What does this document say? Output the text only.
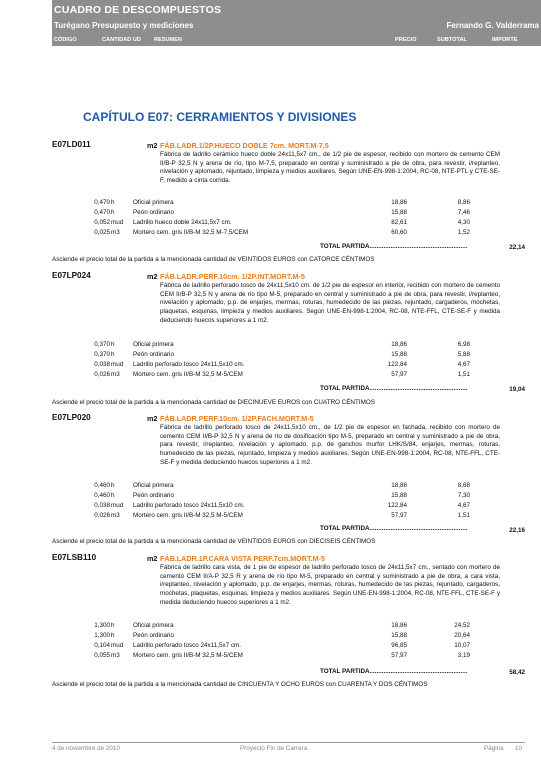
CUADRO DE DESCOMPUESTOS
Turégano Presupuesto y mediciones	Fernando G. Valderrama
CÓDIGO	CANTIDAD UD RESUMEN	PRECIO	SUBTOTAL	IMPORTE
CAPÍTULO E07: CERRAMIENTOS Y DIVISIONES
E07LD011	m2 FÁB.LADR.1/2P.HUECO DOBLE 7cm. MORT.M-7,5
Fábrica de ladrillo cerámico hueco doble 24x11,5x7 cm., de 1/2 pie de espesor, recibido con mortero de cemento CEM II/B-P 32,5 N y arena de río, tipo M-7,5, preparado en central y suministrado a pie de obra, para revestir, i/replanteo, nivelación y aplomado, rejuntado, limpieza y medios auxiliares. Según UNE-EN-998-1:2004, RC-08, NTE-PTL y CTE-SE-F, medido a cinta corrida.
0,470 h	Oficial primera	18,86	8,86
0,470 h	Peón ordinario	15,88	7,46
0,052 mud Ladrillo hueco doble 24x11,5x7 cm.	82,61	4,30
0,025 m3 Mortero cem. gris II/B-M 32,5 M-7,5/CEM	60,60	1,52
TOTAL PARTIDA........................................................	22,14
Asciende el precio total de la partida a la mencionada cantidad de VEINTIDOS EUROS con CATORCE CÉNTIMOS
E07LP024	m2 FÁB.LADR.PERF.10cm. 1/2P.INT.MORT.M-5
Fábrica de ladrillo perforado tosco de 24x11,5x10 cm. de 1/2 pie de espesor en interior, recibido con mortero de cemento CEM II/B-P 32,5 N y arena de río tipo M-5, preparado en central y suministrado a pie de obra, para revestir, i/replanteo, nivelación y aplomado, p.p. de enjarjes, mermas, roturas, humedecido de las piezas, rejuntado, cargaderos, mochetas, plaquetas, esquinas, limpieza y medios auxiliares. Según UNE-EN-998-1:2004, RC-08, NTE-FFL, CTE-SE-F y medida deduciendo huecos superiores a 1 m2.
0,370 h	Oficial primera	18,86	6,98
0,370 h	Peón ordinario	15,88	5,88
0,038 mud Ladrillo perforado tosco 24x11,5x10 cm.	122,84	4,67
0,026 m3 Mortero cem. gris II/B-M 32,5 M-5/CEM	57,97	1,51
TOTAL PARTIDA........................................................	19,04
Asciende el precio total de la partida a la mencionada cantidad de DIECINUEVE EUROS con CUATRO CÉNTIMOS
E07LP020	m2 FÁB.LADR.PERF.10cm. 1/2P.FACH.MORT.M-5
Fábrica de ladrillo perforado tosco de 24x11,5x10 cm., de 1/2 pie de espesor en fachada, recibido con mortero de cemento CEM II/B-P 32,5 N y arena de río de dosificación tipo M-5, preparado en central y suministrado a pie de obra, para revestir, i/replanteo, nivelación y aplomado, p.p. de ganchos murfor LHK/S/84, enjarjes, mermas, roturas, humedecido de las piezas, rejuntado, limpieza y medios auxiliares. Según UNE-EN-998-1:2004, RC-08, NTE-FFL, CTE-SE-F y medida deduciendo huecos superiores a 1 m2.
0,460 h	Oficial primera	18,86	8,68
0,460 h	Peón ordinario	15,88	7,30
0,038 mud Ladrillo perforado tosco 24x11,5x10 cm.	122,84	4,67
0,026 m3 Mortero cem. gris II/B-M 32,5 M-5/CEM	57,97	1,51
TOTAL PARTIDA........................................................	22,16
Asciende el precio total de la partida a la mencionada cantidad de VEINTIDOS EUROS con DIECISEIS CÉNTIMOS
E07LSB110	m2 FÁB.LADR.1P.CARA VISTA PERF.7cm.MORT.M-5
Fábrica de ladrillo cara vista, de 1 pie de espesor de ladrillo perforado tosco de 24x11,5x7 cm., sentado con mortero de cemento CEM II/A-P 32,5 R y arena de río tipo M-5, preparado en central y suministrado a pie de obra, a cara vista, i/replanteo, nivelación y aplomado, p.p. de enjarjes, mermas, roturas, humedecido de las piezas, rejuntado, cargaderos, mochetas, plaquetas, esquinas, limpieza y medios auxiliares. Según UNE-EN-998-1:2004, RC-08, NTE-FFL, CTE-SE-F y medida deduciendo huecos superiores a 1 m2.
1,300 h	Oficial primera	18,86	24,52
1,300 h	Peón ordinario	15,88	20,64
0,104 mud Ladrillo perforado tosco 24x11,5x7 cm.	96,85	10,07
0,055 m3 Mortero cem. gris II/B-M 32,5 M-5/CEM	57,97	3,19
TOTAL PARTIDA........................................................	58,42
Asciende el precio total de la partida a la mencionada cantidad de CINCUENTA Y OCHO EUROS con CUARENTA Y DOS CÉNTIMOS
4 de noviembre de 2010	Proyecto Fin de Carrera	Página 10
